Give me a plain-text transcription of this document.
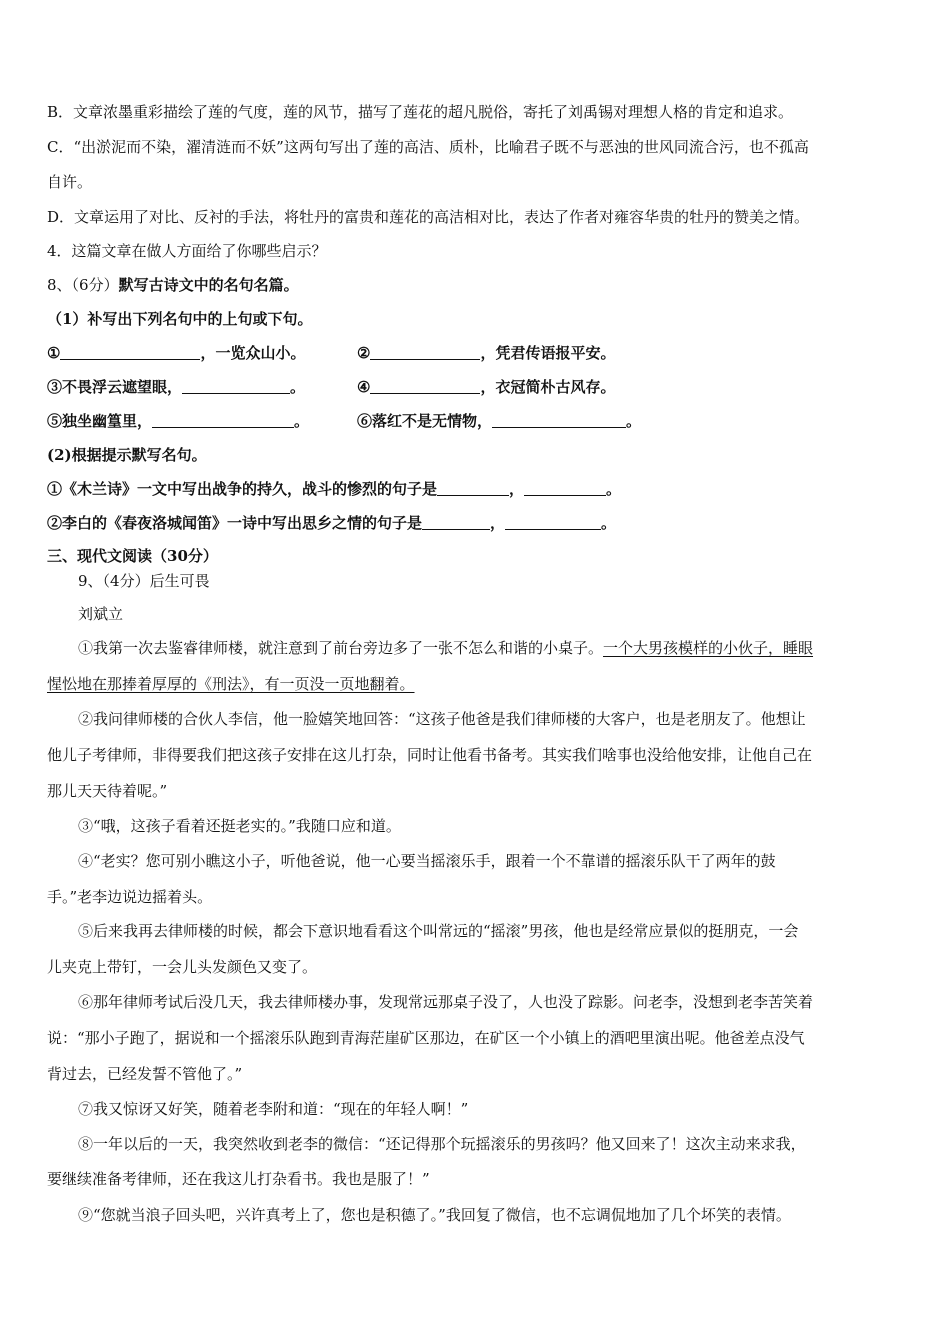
B．文章浓墨重彩描绘了莲的气度，莲的风节，描写了莲花的超凡脱俗，寄托了刘禹锡对理想人格的肯定和追求。
C．“出淤泥而不染，濯清涟而不妖”这两句写出了莲的高洁、质朴，比喻君子既不与恶浊的世风同流合污，也不孤高
自许。
D．文章运用了对比、反衬的手法，将牡丹的富贵和莲花的高洁相对比，表达了作者对雍容华贵的牡丹的赞美之情。
4．这篇文章在做人方面给了你哪些启示？
8、（6分）默写古诗文中的名句名篇。
（1）补写出下列名句中的上句或下句。
①	，一览众山小。	②	，凭君传语报平安。
③不畏浮云遮望眼，	。	④	，衣冠简朴古风存。
⑤独坐幽篁里，	。	⑥落红不是无情物，	。
(2)根据提示默写名句。
①《木兰诗》一文中写出战争的持久，战斗的惨烈的句子是	，	。
②李白的《春夜洛城闻笛》一诗中写出思乡之情的句子是	，	。
三、现代文阅读（30分）
9、（4分）后生可畏
刘斌立
①我第一次去鉴睿律师楼，就注意到了前台旁边多了一张不怎么和谐的小桌子。一个大男孩模样的小伙子，睡眼
惺忪地在那捧着厚厚的《刑法》，有一页没一页地翻着。
②我问律师楼的合伙人李信，他一脸嬉笑地回答：“这孩子他爸是我们律师楼的大客户，也是老朋友了。他想让
他儿子考律师，非得要我们把这孩子安排在这儿打杂，同时让他看书备考。其实我们啥事也没给他安排，让他自己在
那儿天天待着呢。”
③“哦，这孩子看着还挺老实的。”我随口应和道。
④“老实？您可别小瞧这小子，听他爸说，他一心要当摇滚乐手，跟着一个不靠谱的摇滚乐队干了两年的鼓
手。”老李边说边摇着头。
⑤后来我再去律师楼的时候，都会下意识地看看这个叫常远的“摇滚”男孩，他也是经常应景似的挺朋克，一会
儿夹克上带钉，一会儿头发颜色又变了。
⑥那年律师考试后没几天，我去律师楼办事，发现常远那桌子没了，人也没了踪影。问老李，没想到老李苦笑着
说：“那小子跑了，据说和一个摇滚乐队跑到青海茫崖矿区那边，在矿区一个小镇上的酒吧里演出呢。他爸差点没气
背过去，已经发誓不管他了。”
⑦我又惊讶又好笑，随着老李附和道：“现在的年轻人啊！”
⑧一年以后的一天，我突然收到老李的微信：“还记得那个玩摇滚乐的男孩吗？他又回来了！这次主动来求我，
要继续准备考律师，还在我这儿打杂看书。我也是服了！”
⑨“您就当浪子回头吧，兴许真考上了，您也是积德了。”我回复了微信，也不忘调侃地加了几个坏笑的表情。
